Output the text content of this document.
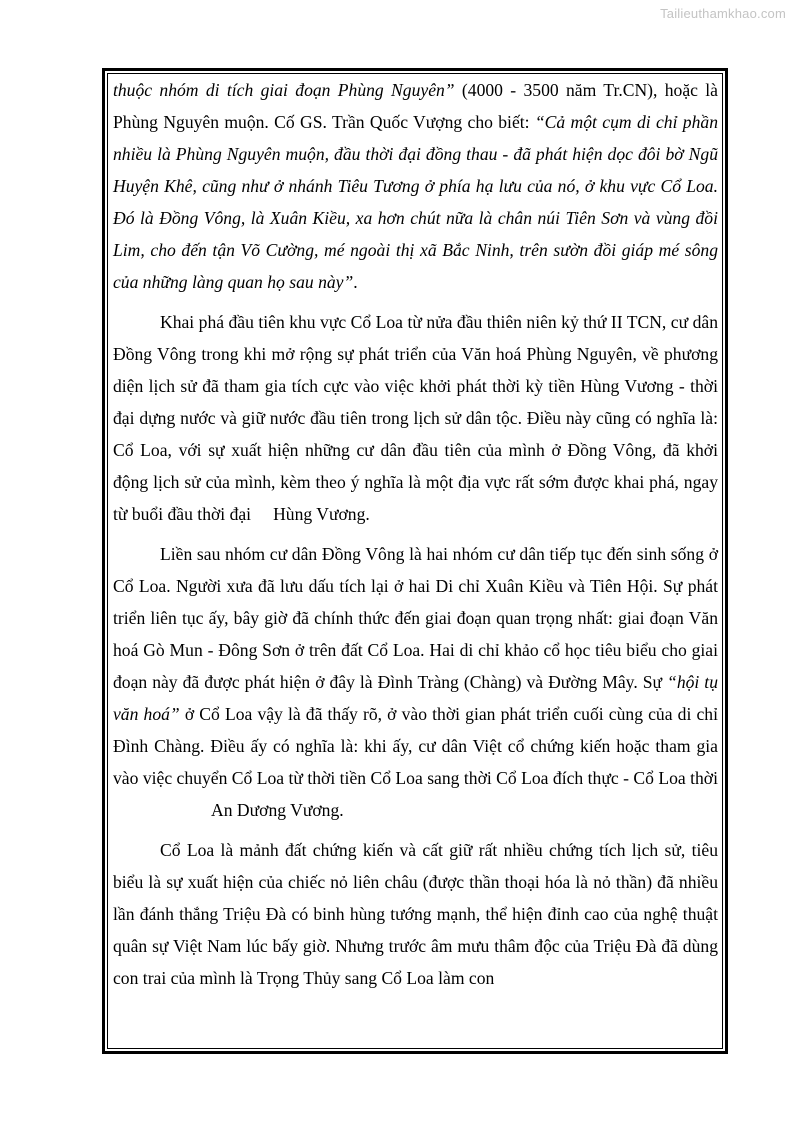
Tailieuthamkhao.com

thuộc nhóm di tích giai đoạn Phùng Nguyên” (4000 - 3500 năm Tr.CN), hoặc là Phùng Nguyên muộn. Cố GS. Trần Quốc Vượng cho biết: “Cả một cụm di chỉ phần nhiều là Phùng Nguyên muộn, đầu thời đại đồng thau - đã phát hiện dọc đôi bờ Ngũ Huyện Khê, cũng như ở nhánh Tiêu Tương ở phía hạ lưu của nó, ở khu vực Cổ Loa. Đó là Đồng Vông, là Xuân Kiều, xa hơn chút nữa là chân núi Tiên Sơn và vùng đồi Lim, cho đến tận Võ Cường, mé ngoài thị xã Bắc Ninh, trên sườn đồi giáp mé sông của những làng quan họ sau này”.

Khai phá đầu tiên khu vực Cổ Loa từ nửa đầu thiên niên kỷ thứ II TCN, cư dân Đồng Vông trong khi mở rộng sự phát triển của Văn hoá Phùng Nguyên, về phương diện lịch sử đã tham gia tích cực vào việc khởi phát thời kỳ tiền Hùng Vương - thời đại dựng nước và giữ nước đầu tiên trong lịch sử dân tộc. Điều này cũng có nghĩa là: Cổ Loa, với sự xuất hiện những cư dân đầu tiên của mình ở Đồng Vông, đã khởi động lịch sử của mình, kèm theo ý nghĩa là một địa vực rất sớm được khai phá, ngay từ buổi đầu thời đại Hùng Vương.

Liền sau nhóm cư dân Đồng Vông là hai nhóm cư dân tiếp tục đến sinh sống ở Cổ Loa. Người xưa đã lưu dấu tích lại ở hai Di chỉ Xuân Kiều và Tiên Hội. Sự phát triển liên tục ấy, bây giờ đã chính thức đến giai đoạn quan trọng nhất: giai đoạn Văn hoá Gò Mun - Đông Sơn ở trên đất Cổ Loa. Hai di chỉ khảo cổ học tiêu biểu cho giai đoạn này đã được phát hiện ở đây là Đình Tràng (Chàng) và Đường Mây. Sự “hội tụ văn hoá” ở Cổ Loa vậy là đã thấy rõ, ở vào thời gian phát triển cuối cùng của di chỉ Đình Chàng. Điều ấy có nghĩa là: khi ấy, cư dân Việt cổ chứng kiến hoặc tham gia vào việc chuyển Cổ Loa từ thời tiền Cổ Loa sang thời Cổ Loa đích thực - Cổ Loa thờiAn Dương Vương.

Cổ Loa là mảnh đất chứng kiến và cất giữ rất nhiều chứng tích lịch sử, tiêu biểu là sự xuất hiện của chiếc nỏ liên châu (được thần thoại hóa là nỏ thần) đã nhiều lần đánh thắng Triệu Đà có binh hùng tướng mạnh, thể hiện đỉnh cao của nghệ thuật quân sự Việt Nam lúc bấy giờ. Nhưng trước âm mưu thâm độc của Triệu Đà đã dùng con trai của mình là Trọng Thủy sang Cổ Loa làm con
